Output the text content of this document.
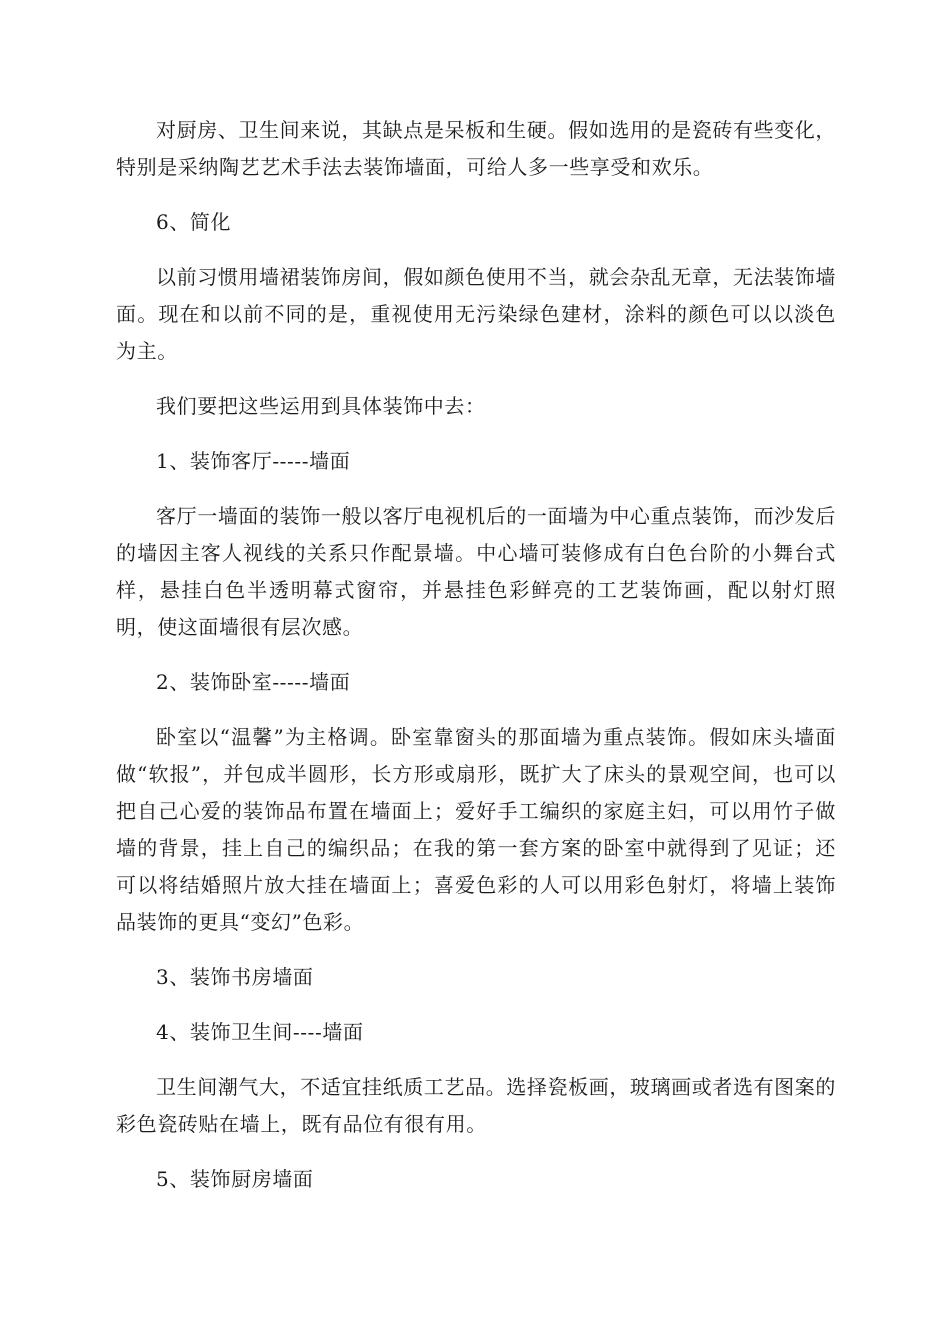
对厨房、卫生间来说，其缺点是呆板和生硬。假如选用的是瓷砖有些变化，特别是采纳陶艺艺术手法去装饰墙面，可给人多一些享受和欢乐。

6、简化

以前习惯用墙裙装饰房间，假如颜色使用不当，就会杂乱无章，无法装饰墙面。现在和以前不同的是，重视使用无污染绿色建材，涂料的颜色可以以淡色为主。

我们要把这些运用到具体装饰中去：

1、装饰客厅-----墙面

客厅一墙面的装饰一般以客厅电视机后的一面墙为中心重点装饰，而沙发后的墙因主客人视线的关系只作配景墙。中心墙可装修成有白色台阶的小舞台式样，悬挂白色半透明幕式窗帘，并悬挂色彩鲜亮的工艺装饰画，配以射灯照明，使这面墙很有层次感。

2、装饰卧室-----墙面

卧室以“温馨”为主格调。卧室靠窗头的那面墙为重点装饰。假如床头墙面做“软报”，并包成半圆形，长方形或扇形，既扩大了床头的景观空间，也可以把自己心爱的装饰品布置在墙面上；爱好手工编织的家庭主妇，可以用竹子做墙的背景，挂上自己的编织品；在我的第一套方案的卧室中就得到了见证；还可以将结婚照片放大挂在墙面上；喜爱色彩的人可以用彩色射灯，将墙上装饰品装饰的更具“变幻”色彩。

3、装饰书房墙面

4、装饰卫生间----墙面

卫生间潮气大，不适宜挂纸质工艺品。选择瓷板画，玻璃画或者选有图案的彩色瓷砖贴在墙上，既有品位有很有用。

5、装饰厨房墙面
